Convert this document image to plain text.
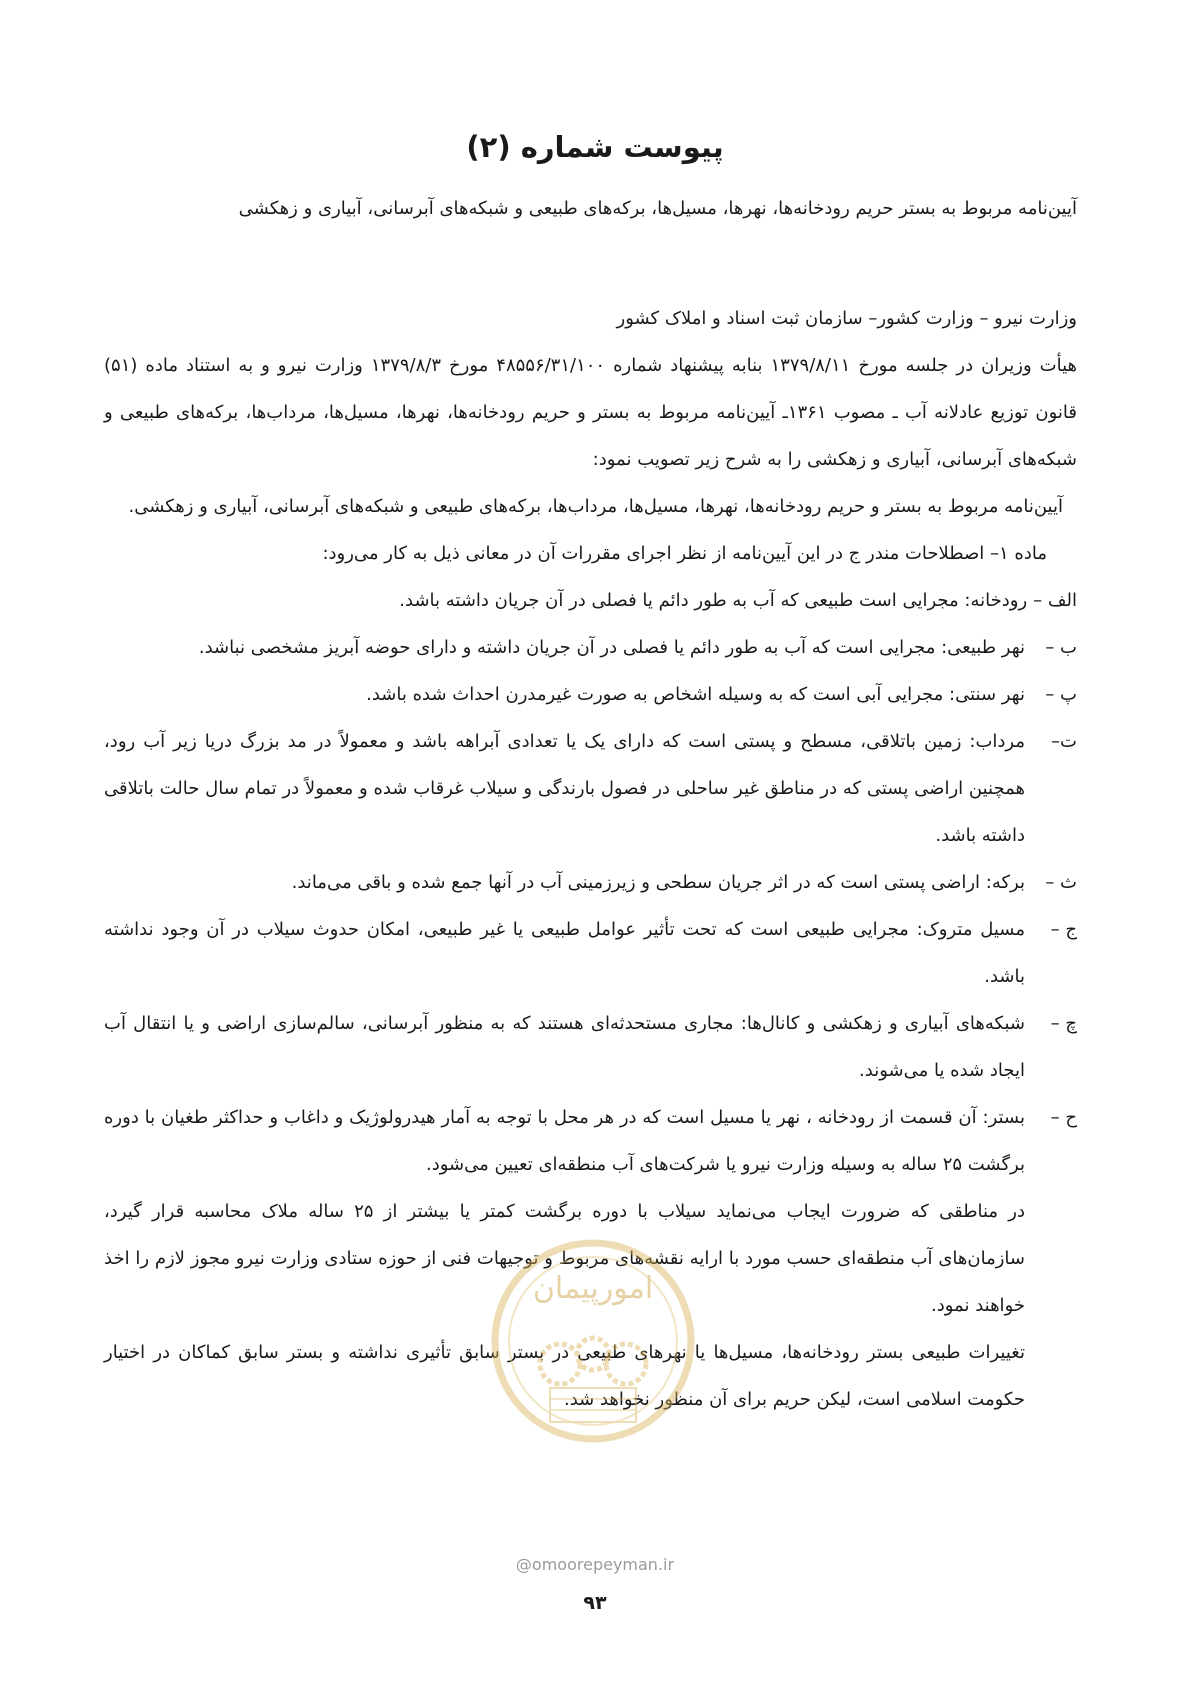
پیوست شماره (۲)

آیین‌نامه مربوط به بستر حریم رودخانه‌ها، نهرها، مسیل‌ها، برکه‌های طبیعی و شبکه‌های آبرسانی، آبیاری و زهکشی

وزارت نیرو – وزارت کشور– سازمان ثبت اسناد و املاک کشور

هیأت وزیران در جلسه مورخ ۱۳۷۹/۸/۱۱ بنابه پیشنهاد شماره ۴۸۵۵۶/۳۱/۱۰۰ مورخ ۱۳۷۹/۸/۳ وزارت نیرو و به استناد ماده (۵۱) قانون توزیع عادلانه آب ـ مصوب ۱۳۶۱ـ آیین‌نامه مربوط به بستر و حریم رودخانه‌ها، نهرها، مسیل‌ها، مرداب‌ها، برکه‌های طبیعی و شبکه‌های آبرسانی، آبیاری و زهکشی را به شرح زیر تصویب نمود:

آیین‌نامه مربوط به بستر و حریم رودخانه‌ها، نهرها، مسیل‌ها، مرداب‌ها، برکه‌های طبیعی و شبکه‌های آبرسانی، آبیاری و زهکشی.

ماده ۱– اصطلاحات مندر ج در این آیین‌نامه از نظر اجرای مقررات آن در معانی ذیل به کار می‌رود:

الف –
رودخانه: مجرایی است طبیعی که آب به طور دائم یا فصلی در آن جریان داشته باشد.
ب –
نهر طبیعی: مجرایی است که آب به طور دائم یا فصلی در آن جریان داشته و دارای حوضه آبریز مشخصی نباشد.
پ –
نهر سنتی: مجرایی آبی است که به وسیله اشخاص به صورت غیرمدرن احداث شده باشد.
ت–
مرداب: زمین باتلاقی، مسطح و پستی است که دارای یک یا تعدادی آبراهه باشد و معمولاً در مد بزرگ دریا زیر آب رود، همچنین اراضی پستی که در مناطق غیر ساحلی در فصول بارندگی و سیلاب غرقاب شده و معمولاً در تمام سال حالت باتلاقی داشته باشد.
ث –
برکه: اراضی پستی است که در اثر جریان سطحی و زیرزمینی آب در آنها جمع شده و باقی می‌ماند.
ج –
مسیل متروک: مجرایی طبیعی است که تحت تأثیر عوامل طبیعی یا غیر طبیعی، امکان حدوث سیلاب در آن وجود نداشته باشد.
چ –
شبکه‌های آبیاری و زهکشی و کانال‌ها: مجاری مستحدثه‌ای هستند که به منظور آبرسانی، سالم‌سازی اراضی و یا انتقال آب ایجاد شده یا می‌شوند.
ح –
بستر: آن قسمت از رودخانه ، نهر یا مسیل است که در هر محل با توجه به آمار هیدرولوژیک و داغاب و حداکثر طغیان با دوره برگشت ۲۵ ساله به وسیله وزارت نیرو یا شرکت‌های آب منطقه‌ای تعیین می‌شود.

در مناطقی که ضرورت ایجاب می‌نماید سیلاب با دوره برگشت کمتر یا بیشتر از ۲۵ ساله ملاک محاسبه قرار گیرد، سازمان‌های آب منطقه‌ای حسب مورد با ارایه نقشه‌های مربوط و توجیهات فنی از حوزه ستادی وزارت نیرو مجوز لازم را اخذ خواهند نمود.

تغییرات طبیعی بستر رودخانه‌ها، مسیل‌ها یا نهرهای طبیعی در بستر سابق تأثیری نداشته و بستر سابق کماکان در اختیار حکومت اسلامی است، لیکن حریم برای آن منظور نخواهد شد.

امورپیمان
@omoorepeyman.ir
۹۳
